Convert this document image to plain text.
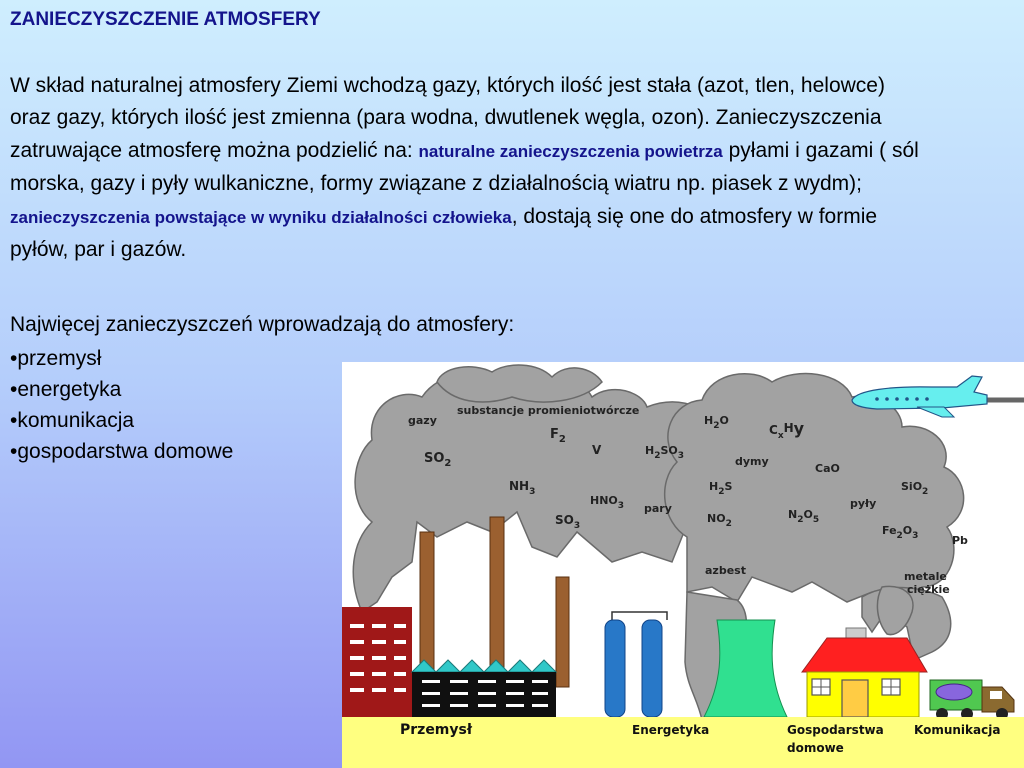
ZANIECZYSZCZENIE ATMOSFERY
W skład naturalnej atmosfery Ziemi wchodzą gazy, których ilość jest stała (azot, tlen, helowce) oraz gazy, których ilość jest zmienna (para wodna, dwutlenek węgla, ozon). Zanieczyszczenia zatruwające atmosferę można podzielić na: naturalne zanieczyszczenia powietrza pyłami i gazami ( sól morska, gazy i pyły wulkaniczne, formy związane z działalnością wiatru np. piasek z wydm); zanieczyszczenia powstające w wyniku działalności człowieka, dostają się one do atmosfery w formie pyłów, par i gazów.
Najwięcej zanieczyszczeń wprowadzają do atmosfery:
•przemysł
•energetyka
•komunikacja
•gospodarstwa domowe
gazy
substancje promieniotwórcze
$SO_2$
$F_2$
V
$H_2O$
$C_xHy$
$H_2SO_3$	dymy
$NH_3$
CaO
SiO$_2$
$H_2S$
$HNO_3$ pary
$NO_2$
$N_2O_5$
pyły
$SO_3$	$Fe_2O_3$	Pb
azbest	metale
ciężkie
Przemysł	Energetyka	Gospodarstwa
domowe
Komunikacja
